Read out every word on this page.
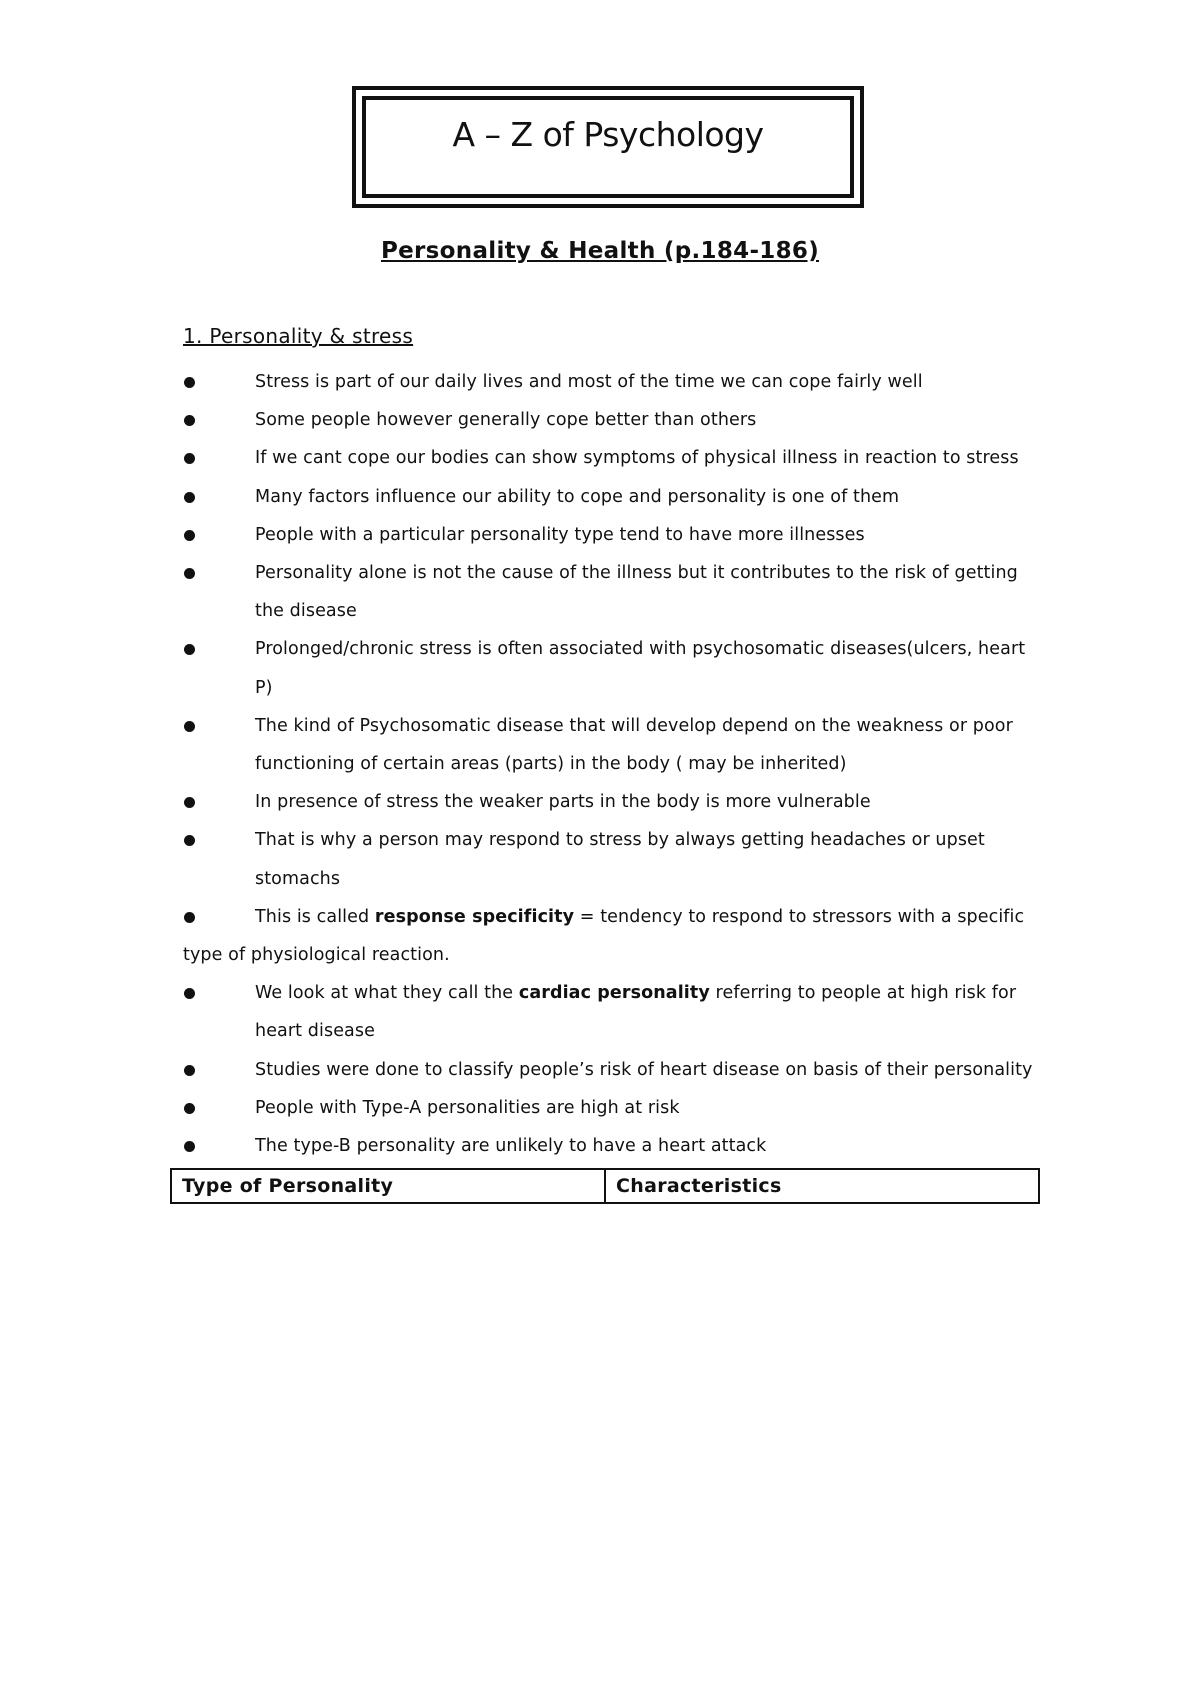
A – Z of Psychology
Personality & Health (p.184-186)
1. Personality & stress
Stress is part of our daily lives and most of the time we can cope fairly well
Some people however generally cope better than others
If we cant cope our bodies can show symptoms of physical illness in reaction to stress
Many factors influence our ability to cope and personality is one of them
People with a particular personality type tend to have more illnesses
Personality alone is not the cause of the illness but it contributes to the risk of getting the disease
Prolonged/chronic stress is often associated with psychosomatic diseases(ulcers, heart P)
The kind of Psychosomatic disease that will develop depend on the weakness or poor functioning of certain areas (parts) in the body ( may be inherited)
In presence of stress the weaker parts in the body is more vulnerable
That is why a person may respond to stress by always getting headaches or upset stomachs
This is called response specificity = tendency to respond to stressors with a specific type of physiological reaction.
We look at what they call the cardiac personality referring to people at high risk for heart disease
Studies were done to classify people’s risk of heart disease on basis of their personality
People with Type-A personalities are high at risk
The type-B personality are unlikely to have a heart attack
Type of Personality	Characteristics
